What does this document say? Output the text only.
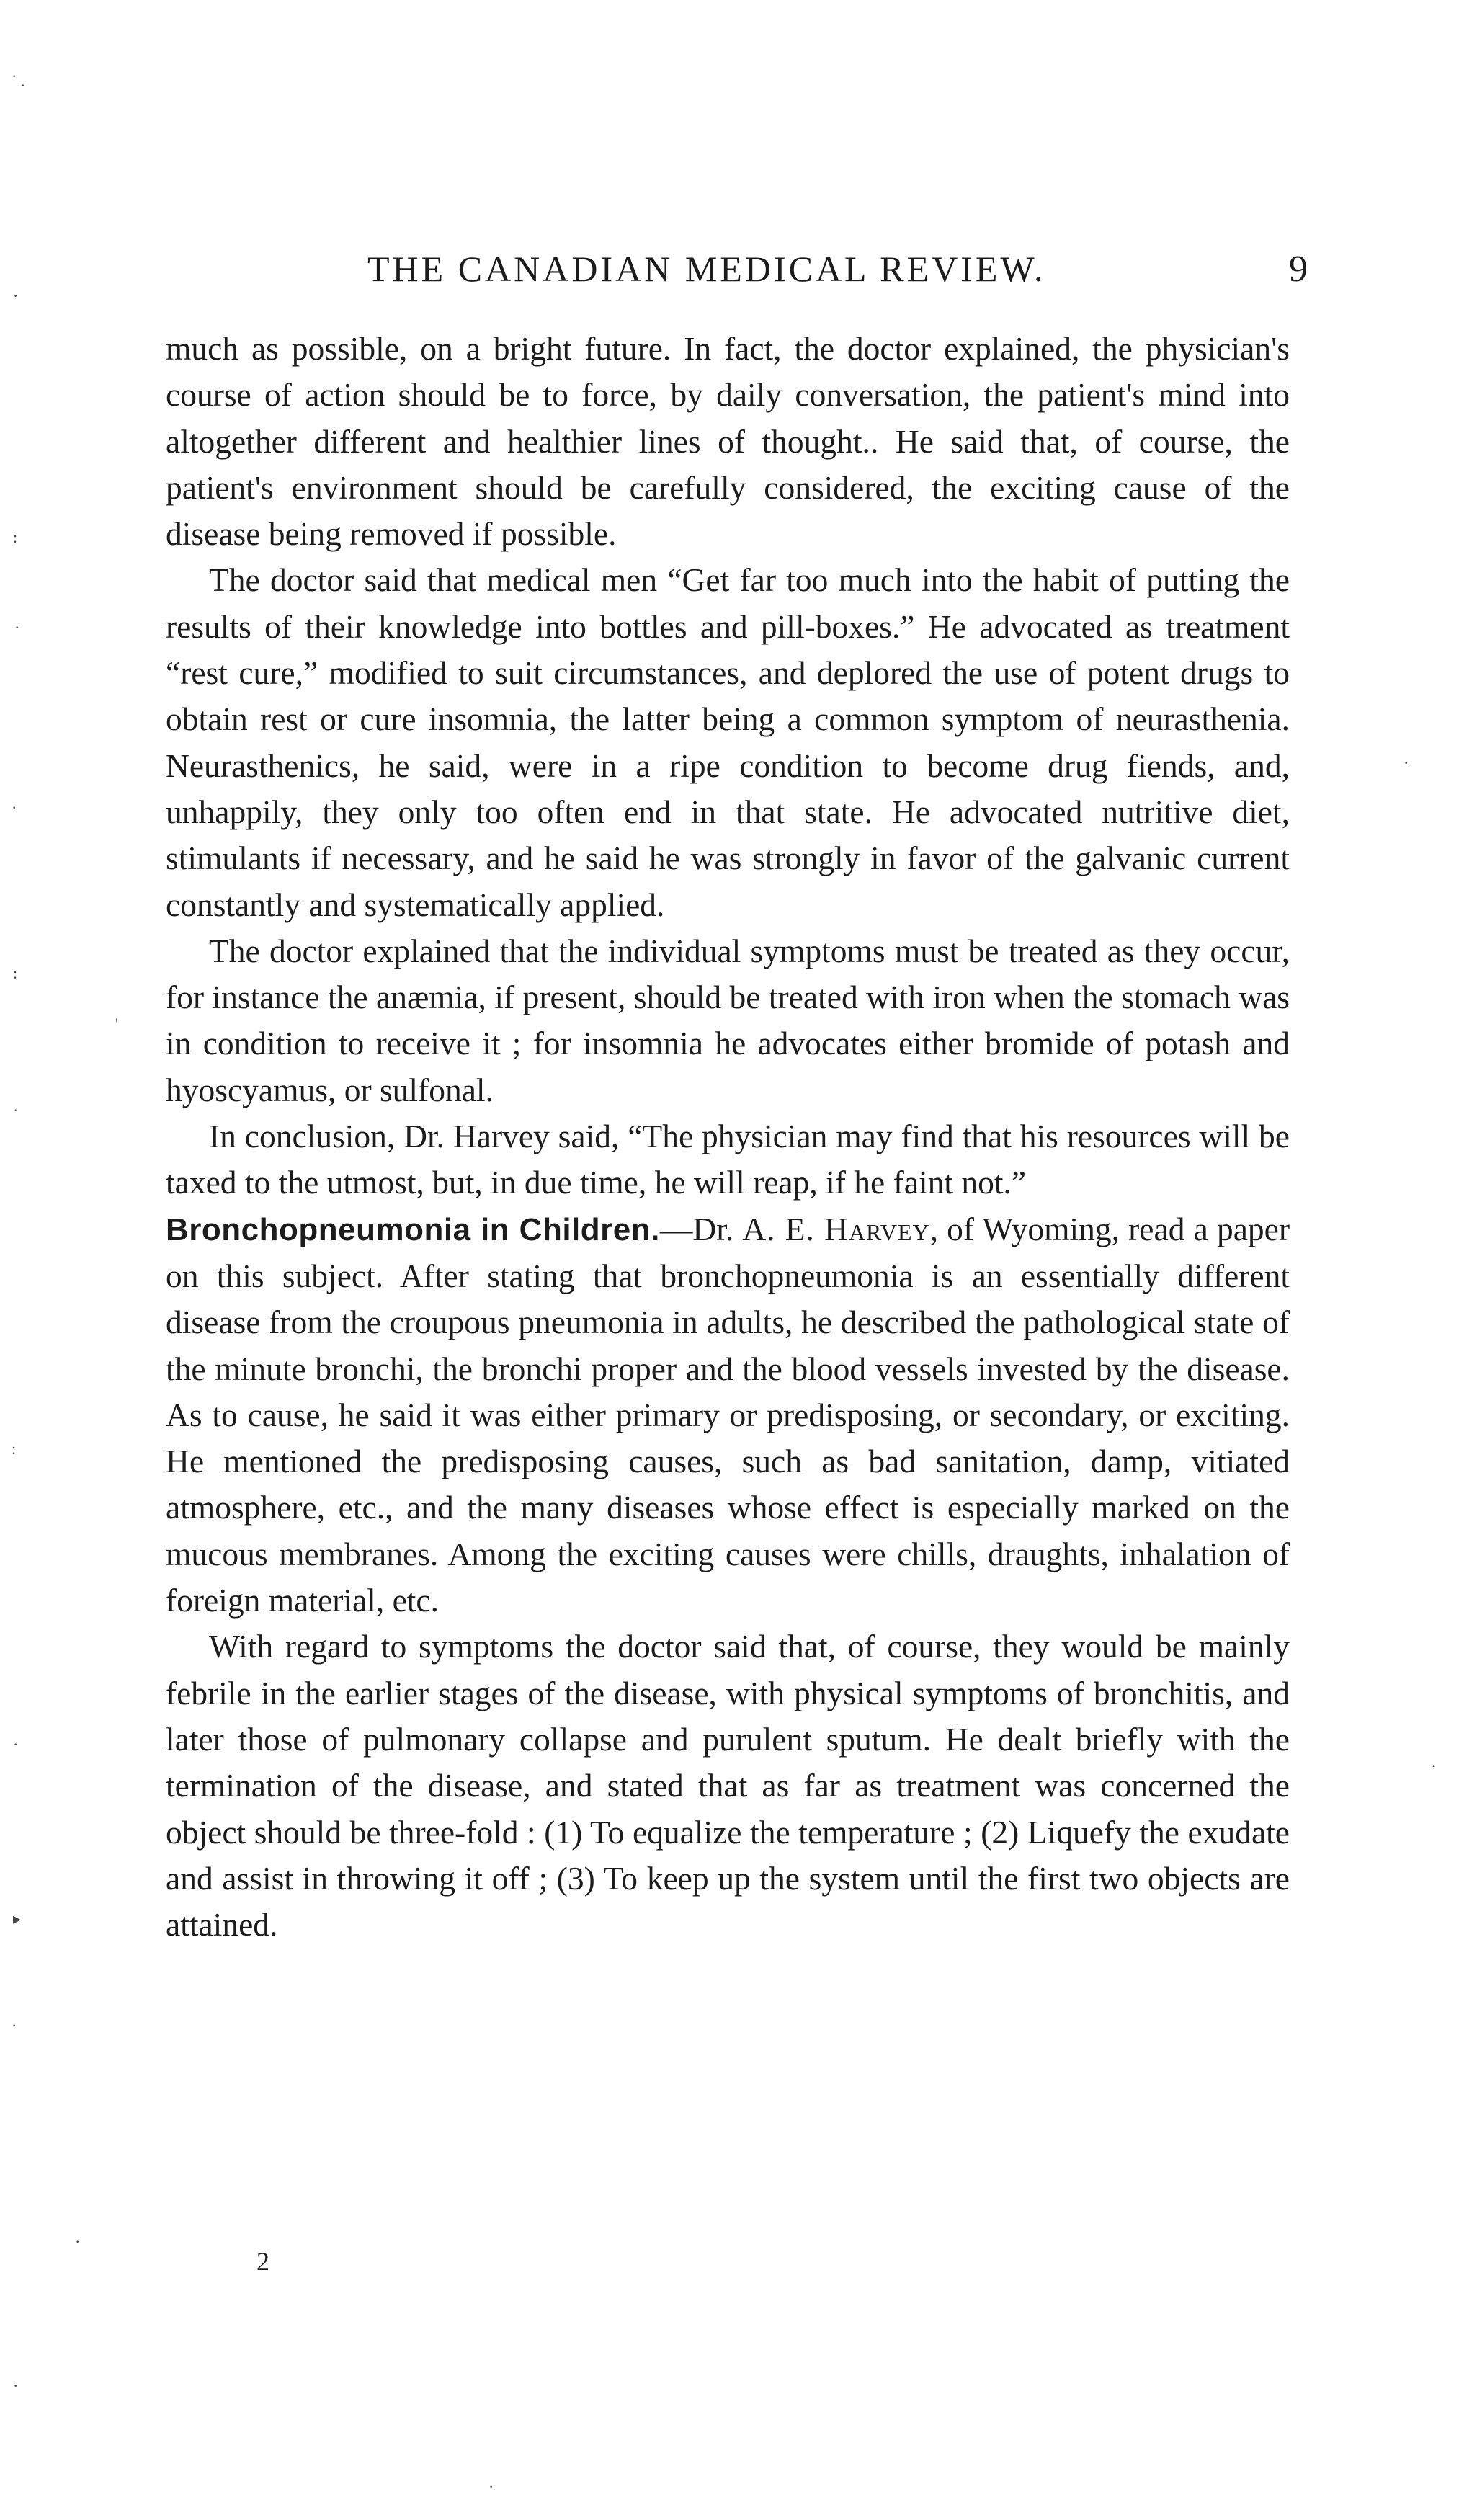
THE CANADIAN MEDICAL REVIEW.	9

much as possible, on a bright future. In fact, the doctor explained, the physician's course of action should be to force, by daily conversation, the patient's mind into altogether different and healthier lines of thought.. He said that, of course, the patient's environment should be carefully considered, the exciting cause of the disease being removed if possible.

The doctor said that medical men “Get far too much into the habit of putting the results of their knowledge into bottles and pill-boxes.” He advocated as treatment “rest cure,” modified to suit circumstances, and deplored the use of potent drugs to obtain rest or cure insomnia, the latter being a common symptom of neurasthenia. Neurasthenics, he said, were in a ripe condition to become drug fiends, and, unhappily, they only too often end in that state. He advocated nutritive diet, stimulants if necessary, and he said he was strongly in favor of the galvanic current constantly and systematically applied.

The doctor explained that the individual symptoms must be treated as they occur, for instance the anæmia, if present, should be treated with iron when the stomach was in condition to receive it ; for insomnia he advocates either bromide of potash and hyoscyamus, or sulfonal.

In conclusion, Dr. Harvey said, “The physician may find that his resources will be taxed to the utmost, but, in due time, he will reap, if he faint not.”

Bronchopneumonia in Children.—Dr. A. E. Harvey, of Wyoming, read a paper on this subject. After stating that bronchopneumonia is an essentially different disease from the croupous pneumonia in adults, he described the pathological state of the minute bronchi, the bronchi proper and the blood vessels invested by the disease. As to cause, he said it was either primary or predisposing, or secondary, or exciting. He mentioned the predisposing causes, such as bad sanitation, damp, vitiated atmosphere, etc., and the many diseases whose effect is especially marked on the mucous membranes. Among the exciting causes were chills, draughts, inhalation of foreign material, etc.

With regard to symptoms the doctor said that, of course, they would be mainly febrile in the earlier stages of the disease, with physical symptoms of bronchitis, and later those of pulmonary collapse and purulent sputum. He dealt briefly with the termination of the disease, and stated that as far as treatment was concerned the object should be three-fold : (1) To equalize the temperature ; (2) Liquefy the exudate and assist in throwing it off ; (3) To keep up the system until the first two objects are attained.

2
·
·
·
:
·
·
:
'
·
:
·
▸
·
·
·
·
·
·
